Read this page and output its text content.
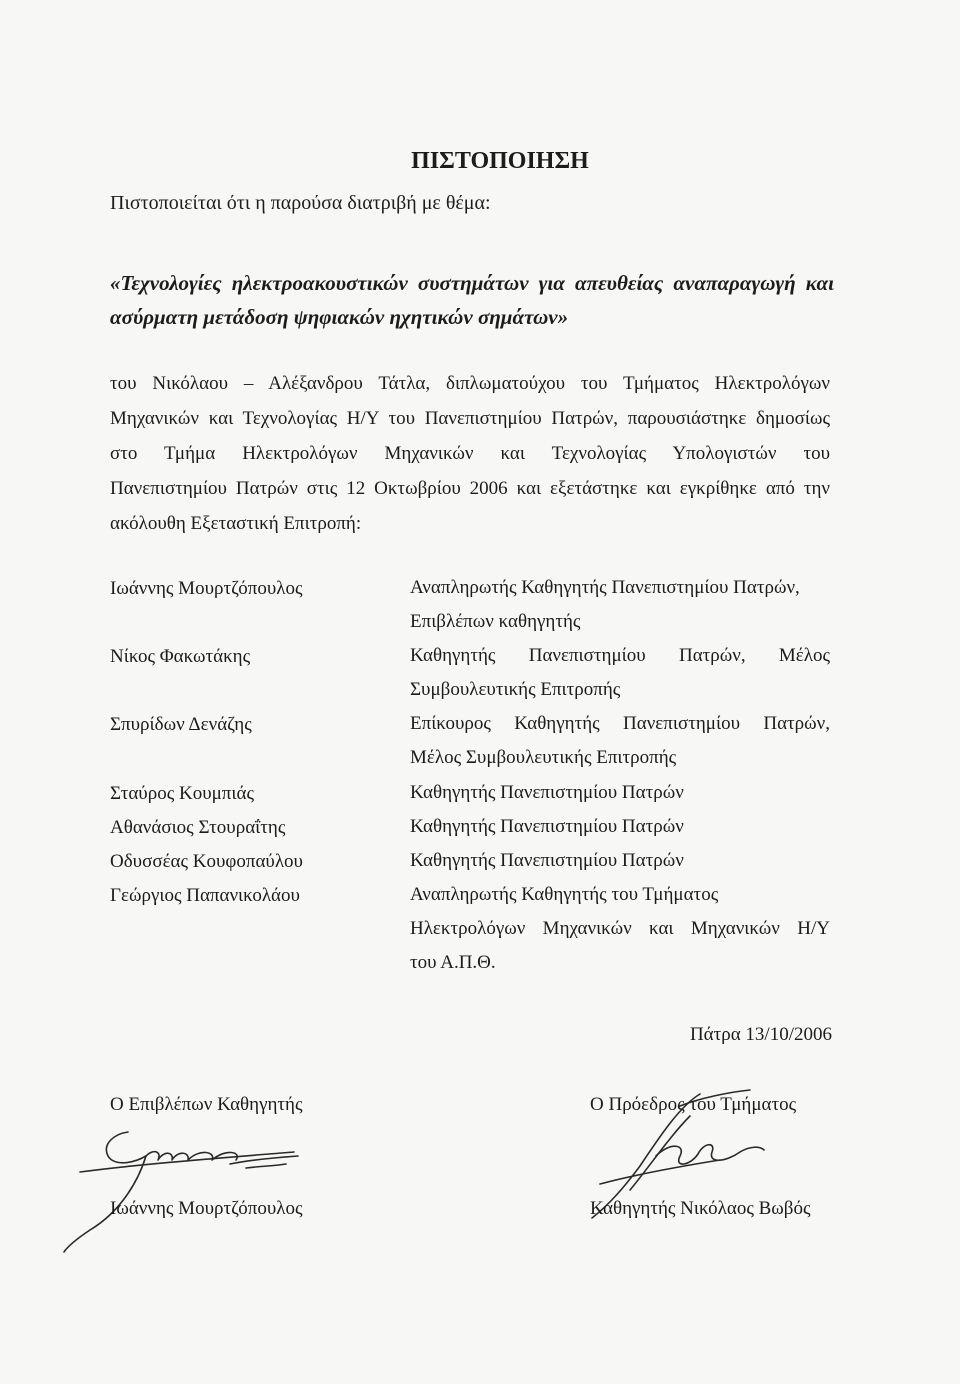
ΠΙΣΤΟΠΟΙΗΣΗ
Πιστοποιείται ότι η παρούσα διατριβή με θέμα:
«Τεχνολογίες ηλεκτροακουστικών συστημάτων για απευθείας αναπαραγωγή και
ασύρματη μετάδοση ψηφιακών ηχητικών σημάτων»
του Νικόλαου – Αλέξανδρου Τάτλα, διπλωματούχου του Τμήματος Ηλεκτρολόγων
Μηχανικών και Τεχνολογίας Η/Υ του Πανεπιστημίου Πατρών, παρουσιάστηκε δημοσίως
στο Τμήμα Ηλεκτρολόγων Μηχανικών και Τεχνολογίας Υπολογιστών του
Πανεπιστημίου Πατρών στις 12 Οκτωβρίου 2006 και εξετάστηκε και εγκρίθηκε από την
ακόλουθη Εξεταστική Επιτροπή:
Ιωάννης Μουρτζόπουλος	Αναπληρωτής Καθηγητής Πανεπιστημίου Πατρών,
Επιβλέπων καθηγητής
Νίκος Φακωτάκης	Καθηγητής Πανεπιστημίου Πατρών, Μέλος
Συμβουλευτικής Επιτροπής
Σπυρίδων Δενάζης	Επίκουρος Καθηγητής Πανεπιστημίου Πατρών,
Μέλος Συμβουλευτικής Επιτροπής
Σταύρος Κουμπιάς	Καθηγητής Πανεπιστημίου Πατρών
Αθανάσιος Στουραΐτης	Καθηγητής Πανεπιστημίου Πατρών
Οδυσσέας Κουφοπαύλου	Καθηγητής Πανεπιστημίου Πατρών
Γεώργιος Παπανικολάου	Αναπληρωτής Καθηγητής του Τμήματος
Ηλεκτρολόγων Μηχανικών και Μηχανικών Η/Υ
του Α.Π.Θ.
Πάτρα 13/10/2006
Ο Επιβλέπων Καθηγητής
Ιωάννης Μουρτζόπουλος
Ο Πρόεδρος του Τμήματος
Καθηγητής Νικόλαος Βωβός
